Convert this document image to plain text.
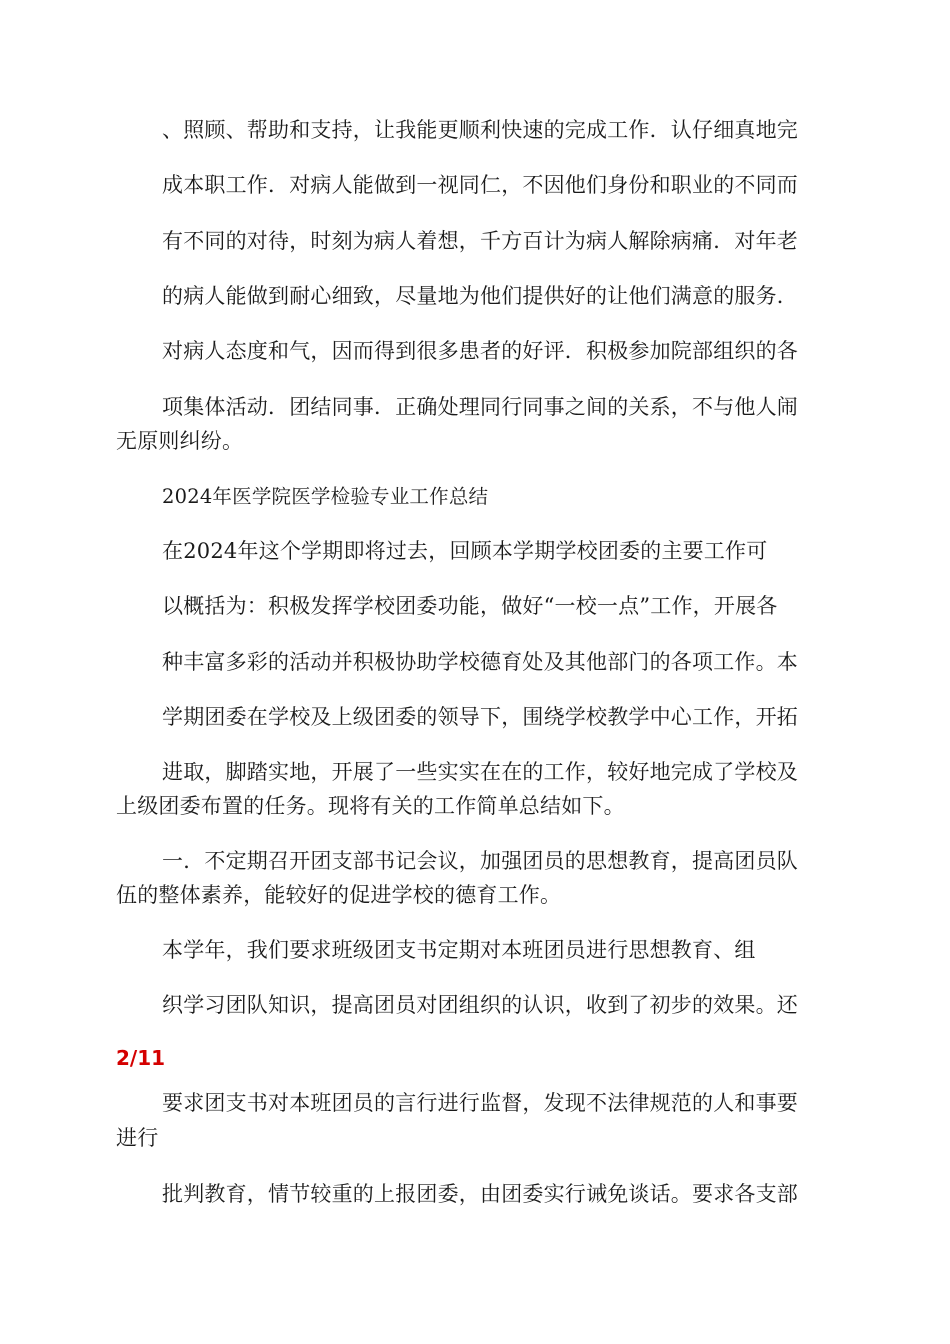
、照顾、帮助和支持，让我能更顺利快速的完成工作．认仔细真地完
成本职工作．对病人能做到一视同仁，不因他们身份和职业的不同而
有不同的对待，时刻为病人着想，千方百计为病人解除病痛．对年老
的病人能做到耐心细致，尽量地为他们提供好的让他们满意的服务．
对病人态度和气，因而得到很多患者的好评．积极参加院部组织的各
项集体活动．团结同事．正确处理同行同事之间的关系，不与他人闹
无原则纠纷。
2024年医学院医学检验专业工作总结
在2024年这个学期即将过去，回顾本学期学校团委的主要工作可
以概括为：积极发挥学校团委功能，做好“一校一点”工作，开展各
种丰富多彩的活动并积极协助学校德育处及其他部门的各项工作。本
学期团委在学校及上级团委的领导下，围绕学校教学中心工作，开拓
进取，脚踏实地，开展了一些实实在在的工作，较好地完成了学校及
上级团委布置的任务。现将有关的工作简单总结如下。
一．不定期召开团支部书记会议，加强团员的思想教育，提高团员队
伍的整体素养，能较好的促进学校的德育工作。
本学年，我们要求班级团支书定期对本班团员进行思想教育、组
织学习团队知识，提高团员对团组织的认识，收到了初步的效果。还
2/11
要求团支书对本班团员的言行进行监督，发现不法律规范的人和事要
进行
批判教育，情节较重的上报团委，由团委实行诫免谈话。要求各支部
